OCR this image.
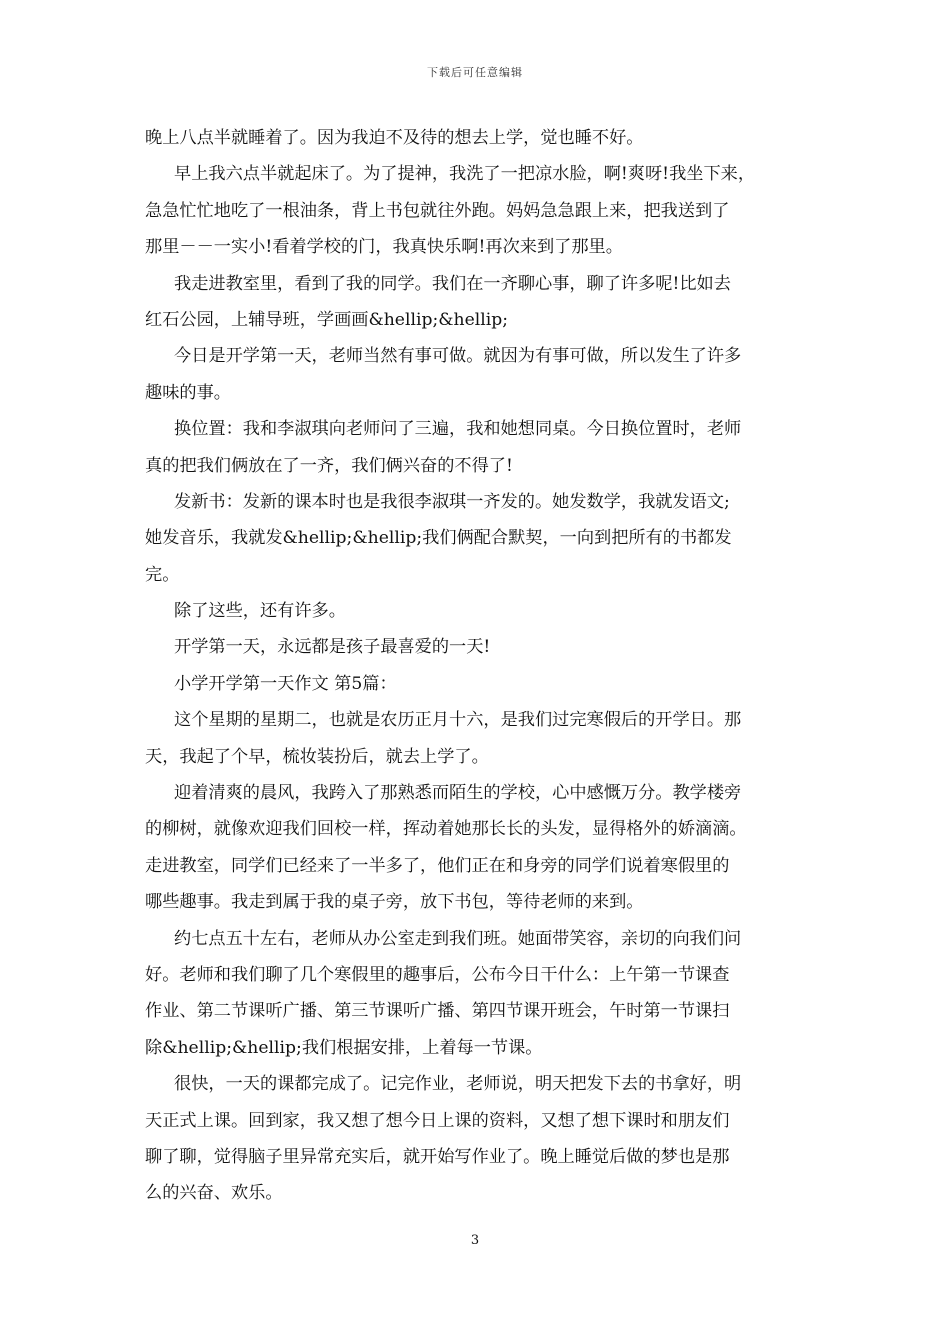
下载后可任意编辑
晚上八点半就睡着了。因为我迫不及待的想去上学，觉也睡不好。
早上我六点半就起床了。为了提神，我洗了一把凉水脸，啊!爽呀!我坐下来，
急急忙忙地吃了一根油条，背上书包就往外跑。妈妈急急跟上来，把我送到了
那里－－一实小!看着学校的门，我真快乐啊!再次来到了那里。
我走进教室里，看到了我的同学。我们在一齐聊心事，聊了许多呢!比如去
红石公园，上辅导班，学画画&hellip;&hellip;
今日是开学第一天，老师当然有事可做。就因为有事可做，所以发生了许多
趣味的事。
换位置：我和李淑琪向老师问了三遍，我和她想同桌。今日换位置时，老师
真的把我们俩放在了一齐，我们俩兴奋的不得了!
发新书：发新的课本时也是我很李淑琪一齐发的。她发数学，我就发语文;
她发音乐，我就发&hellip;&hellip;我们俩配合默契，一向到把所有的书都发
完。
除了这些，还有许多。
开学第一天，永远都是孩子最喜爱的一天!
小学开学第一天作文 第5篇：
这个星期的星期二，也就是农历正月十六，是我们过完寒假后的开学日。那
天，我起了个早，梳妆装扮后，就去上学了。
迎着清爽的晨风，我跨入了那熟悉而陌生的学校，心中感慨万分。教学楼旁
的柳树，就像欢迎我们回校一样，挥动着她那长长的头发，显得格外的娇滴滴。
走进教室，同学们已经来了一半多了，他们正在和身旁的同学们说着寒假里的
哪些趣事。我走到属于我的桌子旁，放下书包，等待老师的来到。
约七点五十左右，老师从办公室走到我们班。她面带笑容，亲切的向我们问
好。老师和我们聊了几个寒假里的趣事后，公布今日干什么：上午第一节课查
作业、第二节课听广播、第三节课听广播、第四节课开班会，午时第一节课扫
除&hellip;&hellip;我们根据安排，上着每一节课。
很快，一天的课都完成了。记完作业，老师说，明天把发下去的书拿好，明
天正式上课。回到家，我又想了想今日上课的资料，又想了想下课时和朋友们
聊了聊，觉得脑子里异常充实后，就开始写作业了。晚上睡觉后做的梦也是那
么的兴奋、欢乐。
3
